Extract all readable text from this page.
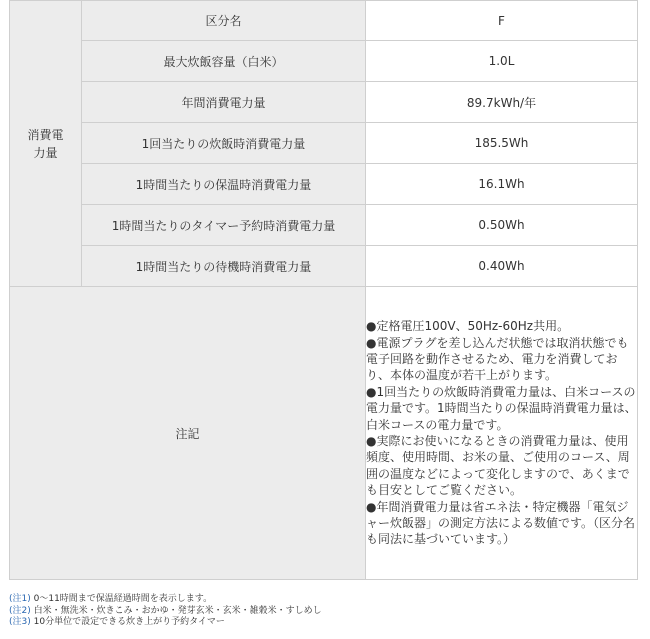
消費電
力量	区分名	F
	最大炊飯容量（白米）	1.0L
	年間消費電力量	89.7kWh/年
	1回当たりの炊飯時消費電力量	185.5Wh
	1時間当たりの保温時消費電力量	16.1Wh
	1時間当たりのタイマー予約時消費電力量	0.50Wh
	1時間当たりの待機時消費電力量	0.40Wh
注記		●定格電圧100V、50Hz-60Hz共用。
●電源プラグを差し込んだ状態では取消状態でも電子回路を動作させるため、電力を消費しており、本体の温度が若干上がります。
●1回当たりの炊飯時消費電力量は、白米コースの電力量です。1時間当たりの保温時消費電力量は、白米コースの電力量です。
●実際にお使いになるときの消費電力量は、使用頻度、使用時間、お米の量、ご使用のコース、周囲の温度などによって変化しますので、あくまでも目安としてご覧ください。
●年間消費電力量は省エネ法・特定機器「電気ジャー炊飯器」の測定方法による数値です。（区分名も同法に基づいています。）
(注1) 0～11時間まで保温経過時間を表示します。
(注2) 白米・無洗米・炊きこみ・おかゆ・発芽玄米・玄米・雑穀米・すしめし
(注3) 10分単位で設定できる炊き上がり予約タイマー
